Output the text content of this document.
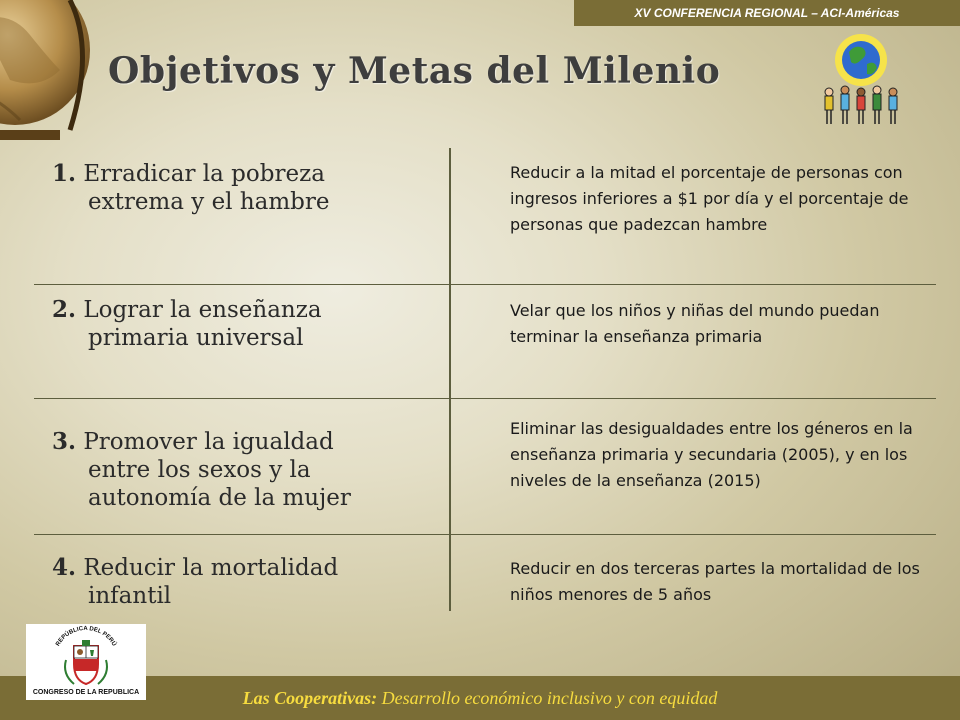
XV CONFERENCIA REGIONAL – ACI-Américas
Objetivos y Metas del Milenio
1. Erradicar la pobreza
extrema y el hambre
2. Lograr la enseñanza
primaria universal
3. Promover la igualdad
entre los sexos y la
autonomía de la mujer
4. Reducir la mortalidad
infantil
Reducir a la mitad el porcentaje de personas con ingresos inferiores a $1 por día y el porcentaje de personas que padezcan hambre
Velar que los niños y niñas del mundo puedan terminar la enseñanza primaria
Eliminar las desigualdades entre los géneros en la enseñanza primaria y secundaria (2005), y en los niveles de la enseñanza (2015)
Reducir en dos terceras partes la mortalidad de los niños menores de 5 años
Las Cooperativas: Desarrollo económico inclusivo y con equidad
REPÚBLICA DEL PERÚ
CONGRESO DE LA REPUBLICA
